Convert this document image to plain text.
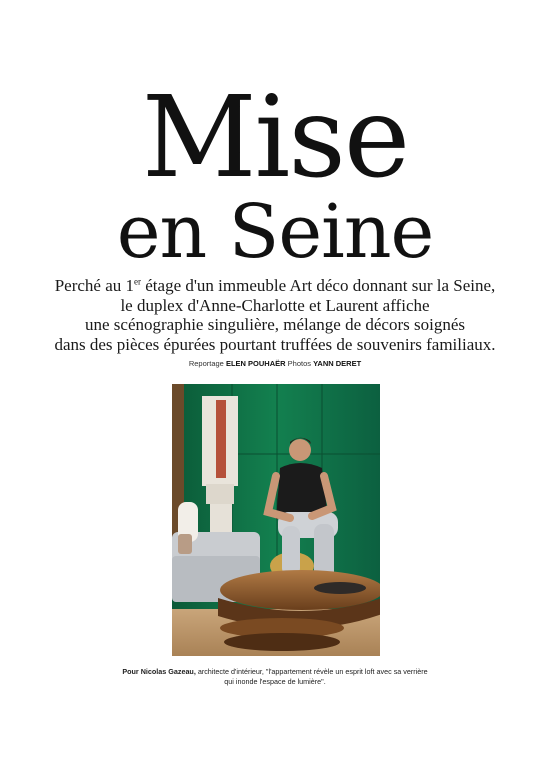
Mise
en Seine

Perché au 1er étage d'un immeuble Art déco donnant sur la Seine,
le duplex d'Anne-Charlotte et Laurent affiche
une scénographie singulière, mélange de décors soignés
dans des pièces épurées pourtant truffées de souvenirs familiaux.

Reportage ELEN POUHAËR Photos YANN DERET
Pour Nicolas Gazeau, architecte d'intérieur, "l'appartement révèle un esprit loft avec sa verrière qui inonde l'espace de lumière".
